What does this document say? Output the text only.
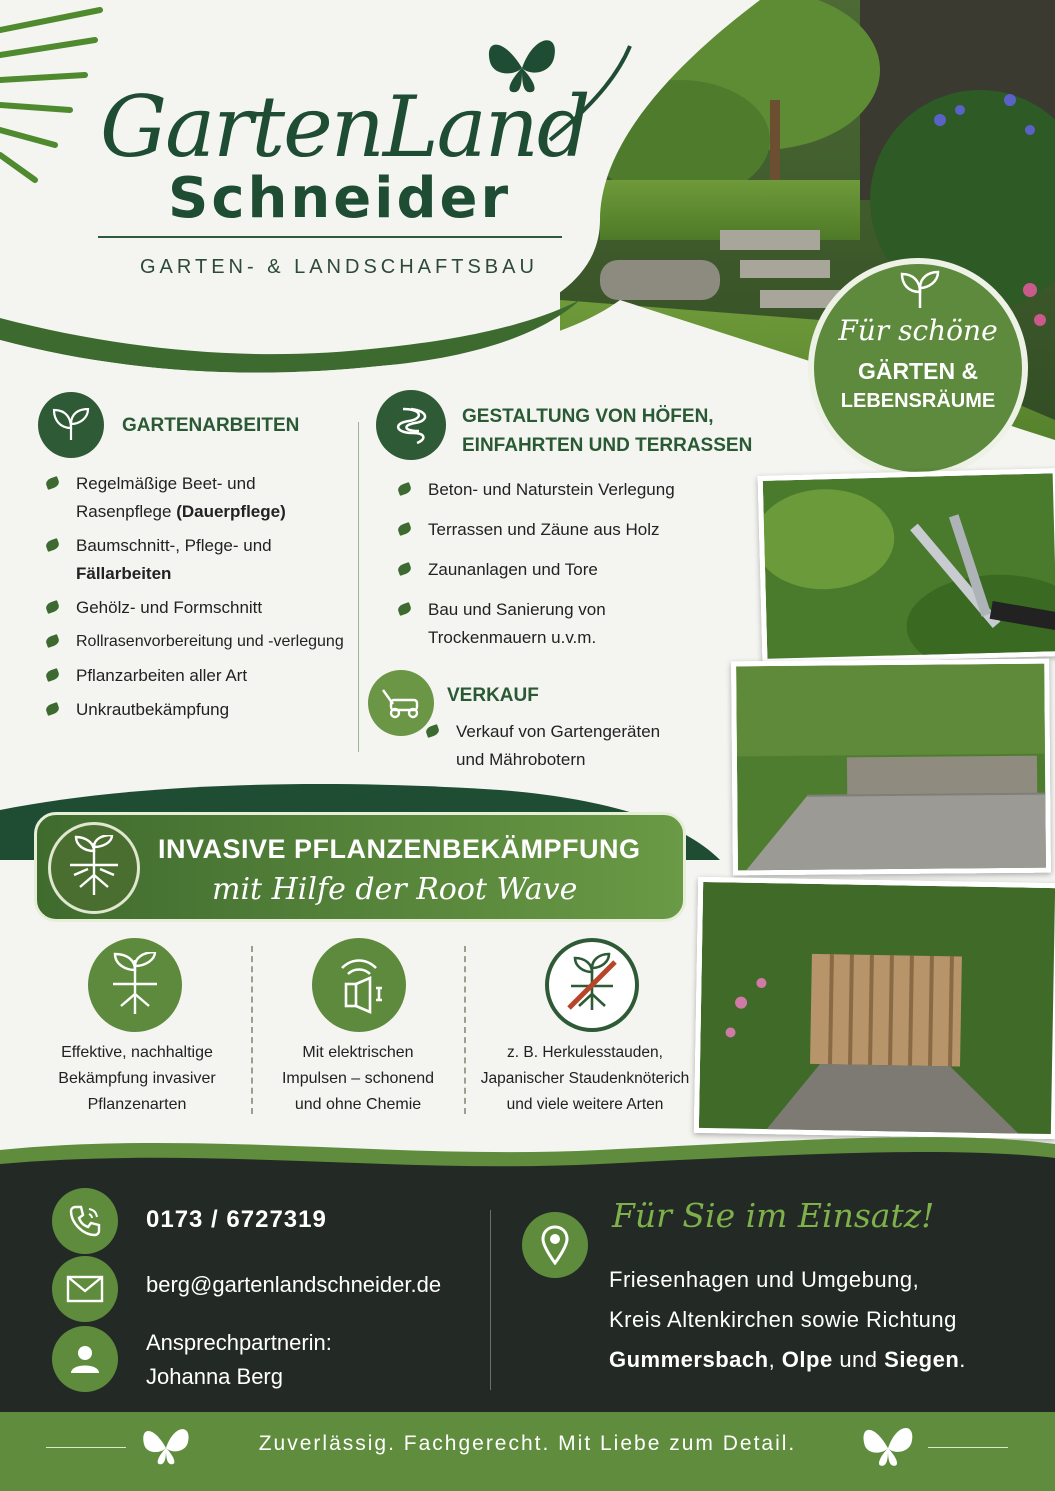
GartenLand
Schneider
GARTEN- & LANDSCHAFTSBAU
Für schöne
GÄRTEN &
LEBENSRÄUME
GARTENARBEITEN
Regelmäßige Beet- und
Rasenpflege (Dauerpflege)
Baumschnitt-, Pflege- und
Fällarbeiten
Gehölz- und Formschnitt
Rollrasenvorbereitung und -verlegung
Pflanzarbeiten aller Art
Unkrautbekämpfung
GESTALTUNG VON HÖFEN,
EINFAHRTEN UND TERRASSEN
Beton- und Naturstein Verlegung
Terrassen und Zäune aus Holz
Zaunanlagen und Tore
Bau und Sanierung von
Trockenmauern u.v.m.
VERKAUF
Verkauf von Gartengeräten
und Mährobotern
INVASIVE PFLANZENBEKÄMPFUNG
mit Hilfe der Root Wave
Effektive, nachhaltige
Bekämpfung invasiver
Pflanzenarten
Mit elektrischen
Impulsen – schonend
und ohne Chemie
z. B. Herkulesstauden,
Japanischer Staudenknöterich
und viele weitere Arten
0173 / 6727319
berg@gartenlandschneider.de
Ansprechpartnerin:
Johanna Berg
Für Sie im Einsatz!
Friesenhagen und Umgebung,
Kreis Altenkirchen sowie Richtung
Gummersbach, Olpe und Siegen.
Zuverlässig. Fachgerecht. Mit Liebe zum Detail.
